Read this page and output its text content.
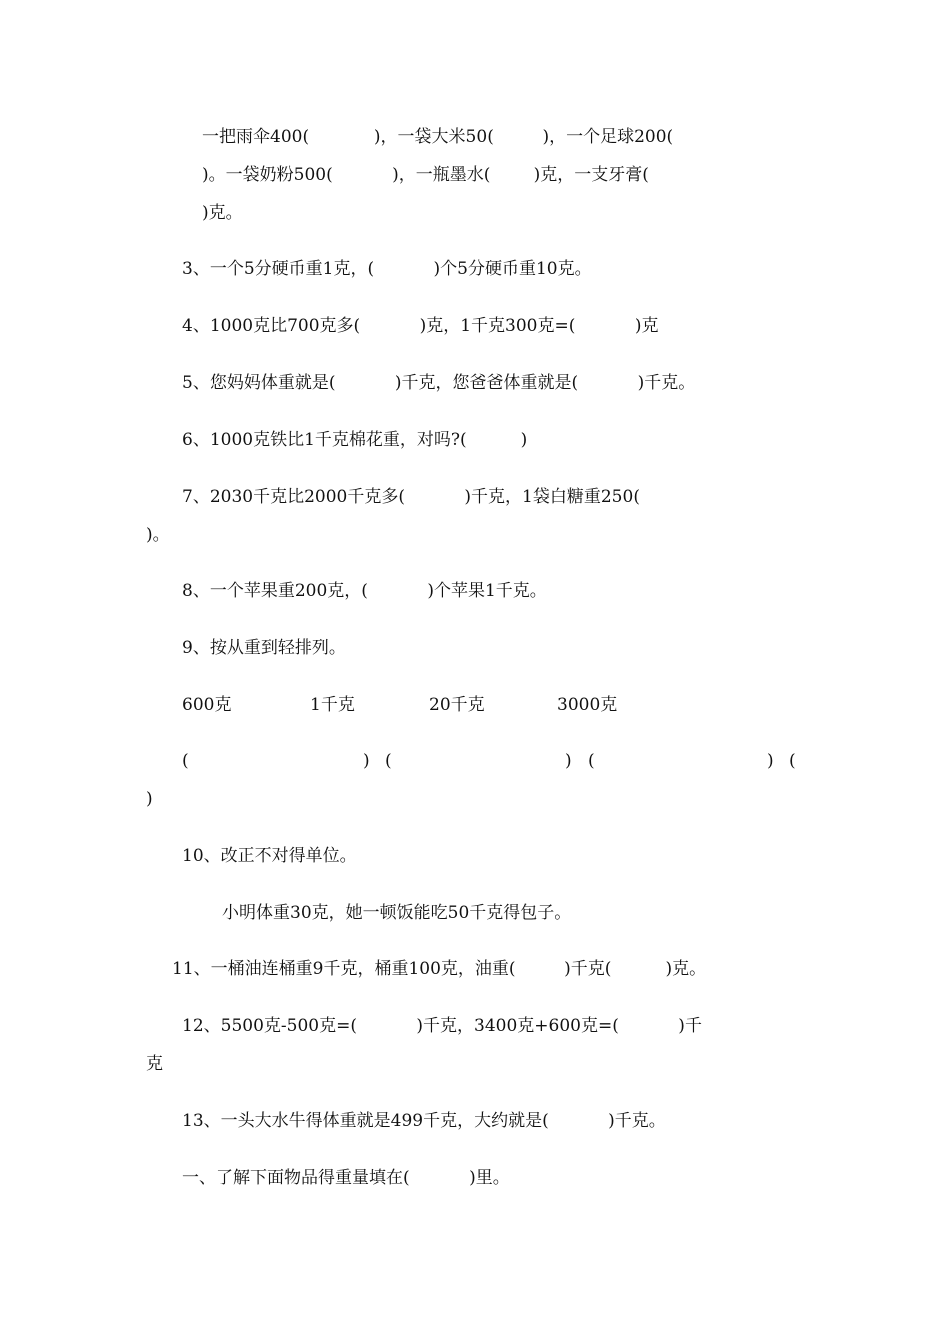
一把雨伞400(            )，一袋大米50(         )，一个足球200(
)。一袋奶粉500(           )，一瓶墨水(        )克，一支牙膏(
)克。
3、一个5分硬币重1克，(           )个5分硬币重10克。
4、1000克比700克多(           )克，1千克300克=(           )克
5、您妈妈体重就是(           )千克，您爸爸体重就是(           )千克。
6、1000克铁比1千克棉花重，对吗?(          )
7、2030千克比2000千克多(           )千克，1袋白糖重250(
)。
8、一个苹果重200克，(           )个苹果1千克。
9、按从重到轻排列。
600克	1千克	20千克	3000克
(	) (	) (	) (
)
10、改正不对得单位。
小明体重30克，她一顿饭能吃50千克得包子。
11、一桶油连桶重9千克，桶重100克，油重(         )千克(          )克。
12、5500克-500克=(           )千克，3400克+600克=(           )千
克
13、一头大水牛得体重就是499千克，大约就是(           )千克。
一、了解下面物品得重量填在(           )里。
